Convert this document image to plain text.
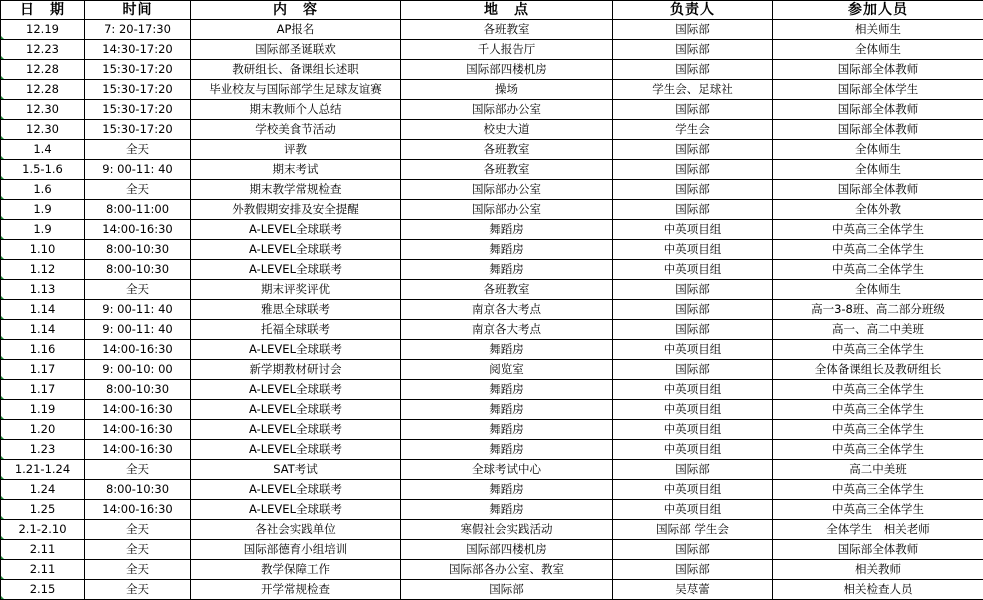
日　期	时间	内　容	地　点	负责人	参加人员
12.19	7: 20-17:30	AP报名	各班教室	国际部	相关师生
12.23	14:30-17:20	国际部圣诞联欢	千人报告厅	国际部	全体师生
12.28	15:30-17:20	教研组长、备课组长述职	国际部四楼机房	国际部	国际部全体教师
12.28	15:30-17:20	毕业校友与国际部学生足球友谊赛	操场	学生会、足球社	国际部全体学生
12.30	15:30-17:20	期末教师个人总结	国际部办公室	国际部	国际部全体教师
12.30	15:30-17:20	学校美食节活动	校史大道	学生会	国际部全体教师
1.4	全天	评教	各班教室	国际部	全体师生
1.5-1.6	9: 00-11: 40	期末考试	各班教室	国际部	全体师生
1.6	全天	期末教学常规检查	国际部办公室	国际部	国际部全体教师
1.9	8:00-11:00	外教假期安排及安全提醒	国际部办公室	国际部	全体外教
1.9	14:00-16:30	A-LEVEL全球联考	舞蹈房	中英项目组	中英高三全体学生
1.10	8:00-10:30	A-LEVEL全球联考	舞蹈房	中英项目组	中英高二全体学生
1.12	8:00-10:30	A-LEVEL全球联考	舞蹈房	中英项目组	中英高二全体学生
1.13	全天	期末评奖评优	各班教室	国际部	全体师生
1.14	9: 00-11: 40	雅思全球联考	南京各大考点	国际部	高一3-8班、高二部分班级
1.14	9: 00-11: 40	托福全球联考	南京各大考点	国际部	高一、高二中美班
1.16	14:00-16:30	A-LEVEL全球联考	舞蹈房	中英项目组	中英高三全体学生
1.17	9: 00-10: 00	新学期教材研讨会	阅览室	国际部	全体备课组长及教研组长
1.17	8:00-10:30	A-LEVEL全球联考	舞蹈房	中英项目组	中英高三全体学生
1.19	14:00-16:30	A-LEVEL全球联考	舞蹈房	中英项目组	中英高三全体学生
1.20	14:00-16:30	A-LEVEL全球联考	舞蹈房	中英项目组	中英高三全体学生
1.23	14:00-16:30	A-LEVEL全球联考	舞蹈房	中英项目组	中英高三全体学生
1.21-1.24	全天	SAT考试	全球考试中心	国际部	高二中美班
1.24	8:00-10:30	A-LEVEL全球联考	舞蹈房	中英项目组	中英高三全体学生
1.25	14:00-16:30	A-LEVEL全球联考	舞蹈房	中英项目组	中英高三全体学生
2.1-2.10	全天	各社会实践单位	寒假社会实践活动	国际部 学生会	全体学生　相关老师
2.11	全天	国际部德育小组培训	国际部四楼机房	国际部	国际部全体教师
2.11	全天	教学保障工作	国际部各办公室、教室	国际部	相关教师
2.15	全天	开学常规检查	国际部	吴荩蕾	相关检查人员
